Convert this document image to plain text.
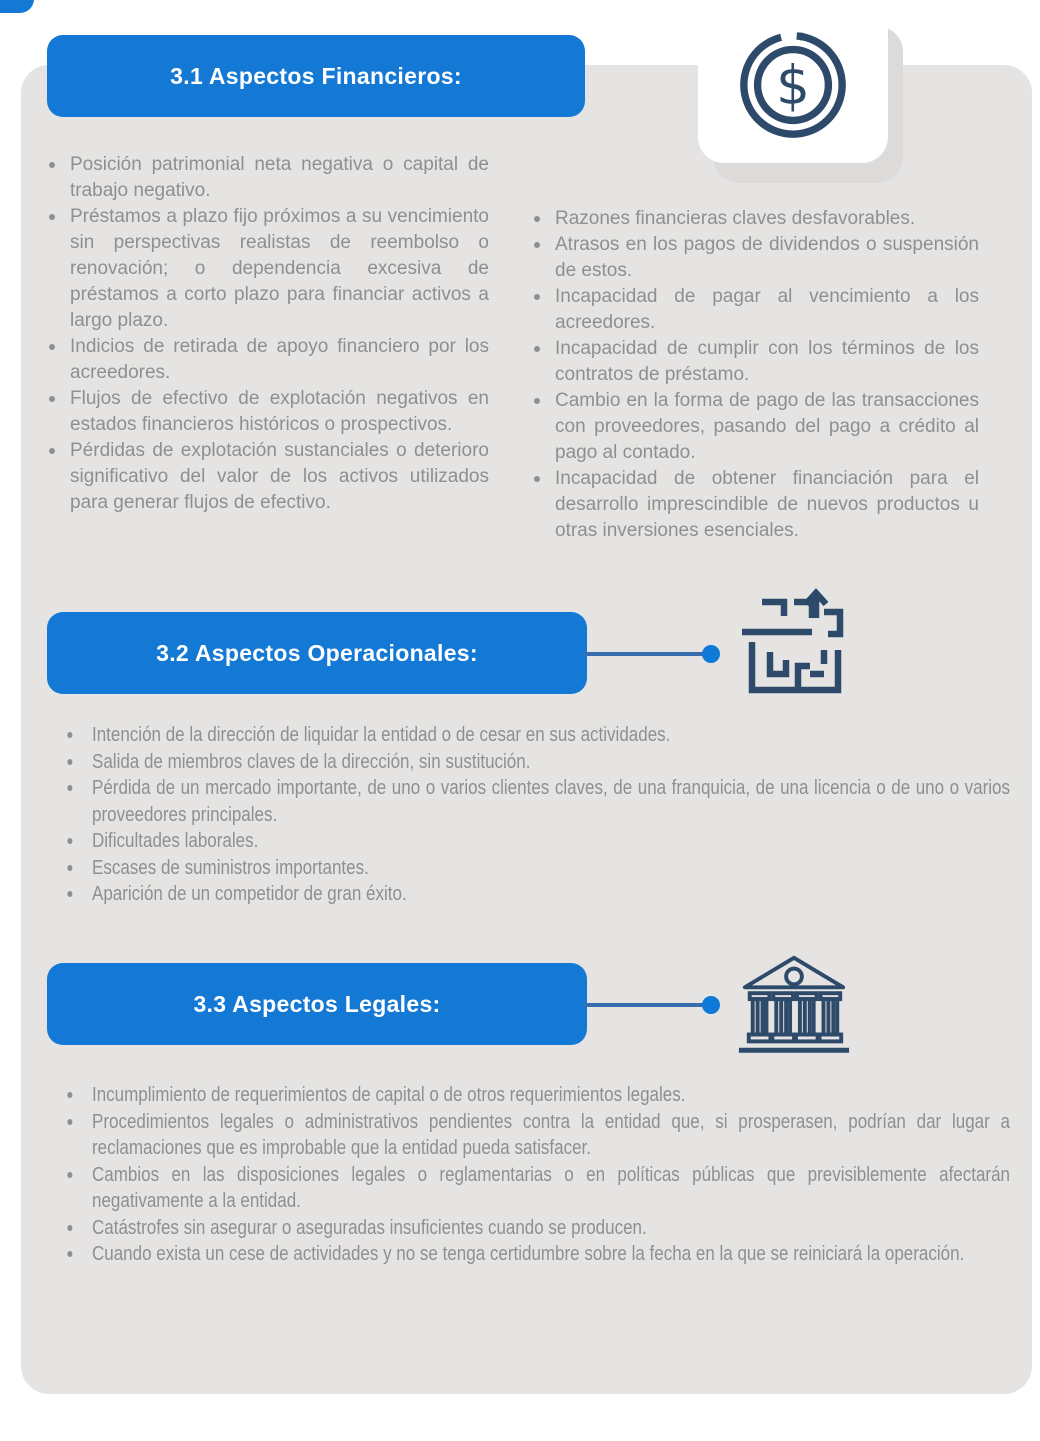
3.1 Aspectos Financieros:	$
Posición patrimonial neta negativa o capital de trabajo negativo.
Préstamos a plazo fijo próximos a su vencimiento sin perspectivas realistas de reembolso o renovación; o dependencia excesiva de préstamos a corto plazo para financiar activos a largo plazo.
Indicios de retirada de apoyo financiero por los acreedores.
Flujos de efectivo de explotación negativos en estados financieros históricos o prospectivos.
Pérdidas de explotación sustanciales o deterioro significativo del valor de los activos utilizados para generar flujos de efectivo.
Razones financieras claves desfavorables.
Atrasos en los pagos de dividendos o suspensión de estos.
Incapacidad de pagar al vencimiento a los acreedores.
Incapacidad de cumplir con los términos de los contratos de préstamo.
Cambio en la forma de pago de las transacciones con proveedores, pasando del pago a crédito al pago al contado.
Incapacidad de obtener financiación para el desarrollo imprescindible de nuevos productos u otras inversiones esenciales.
3.2 Aspectos Operacionales:
Intención de la dirección de liquidar la entidad o de cesar en sus actividades.
Salida de miembros claves de la dirección, sin sustitución.
Pérdida de un mercado importante, de uno o varios clientes claves, de una franquicia, de una licencia o de uno o varios proveedores principales.
Dificultades laborales.
Escases de suministros importantes.
Aparición de un competidor de gran éxito.
3.3 Aspectos Legales:
Incumplimiento de requerimientos de capital o de otros requerimientos legales.
Procedimientos legales o administrativos pendientes contra la entidad que, si prosperasen, podrían dar lugar a reclamaciones que es improbable que la entidad pueda satisfacer.
Cambios en las disposiciones legales o reglamentarias o en políticas públicas que previsiblemente afectarán negativamente a la entidad.
Catástrofes sin asegurar o aseguradas insuficientes cuando se producen.
Cuando exista un cese de actividades y no se tenga certidumbre sobre la fecha en la que se reiniciará la operación.
